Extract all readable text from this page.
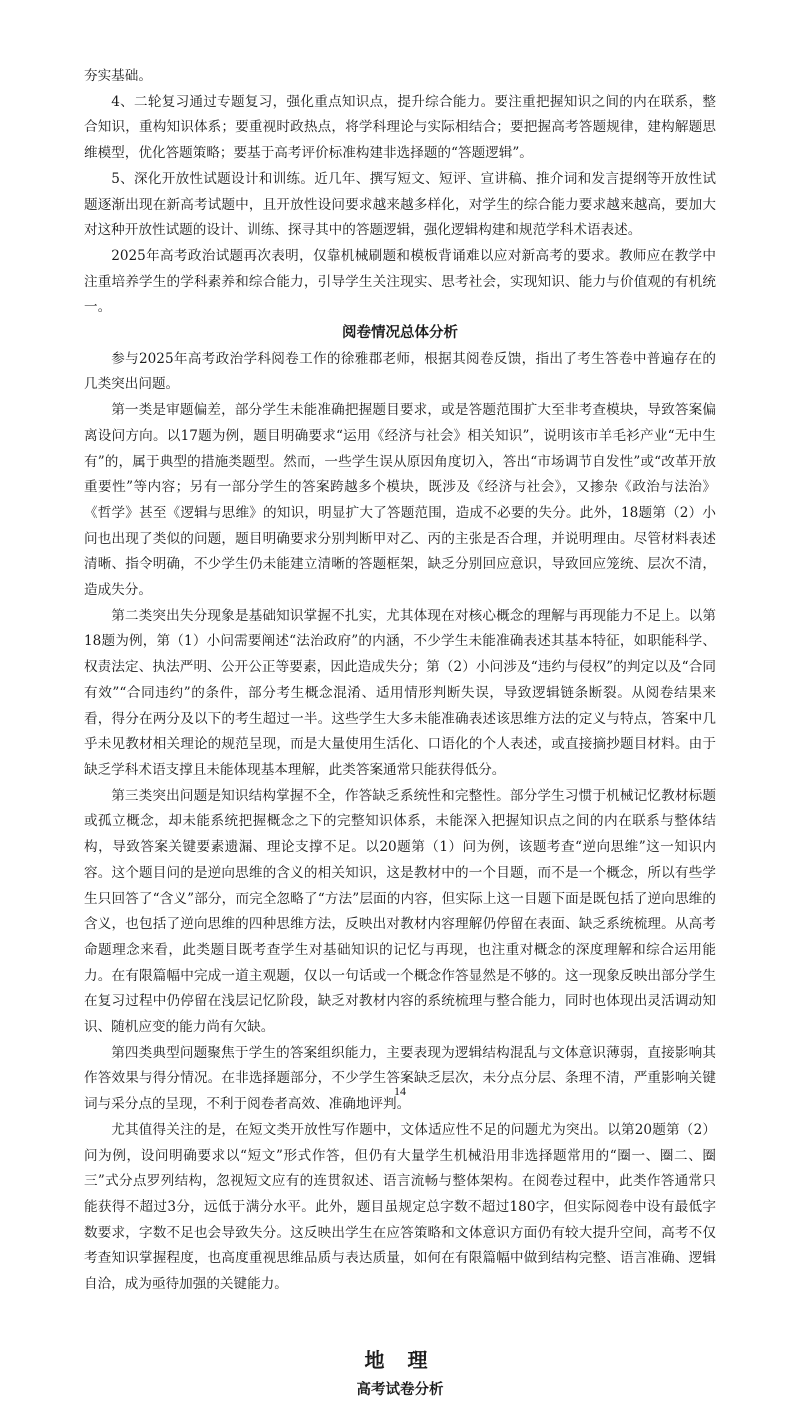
夯实基础。

4、二轮复习通过专题复习，强化重点知识点，提升综合能力。要注重把握知识之间的内在联系，整合知识，重构知识体系；要重视时政热点，将学科理论与实际相结合；要把握高考答题规律，建构解题思维模型，优化答题策略；要基于高考评价标准构建非选择题的“答题逻辑”。

5、深化开放性试题设计和训练。近几年、撰写短文、短评、宣讲稿、推介词和发言提纲等开放性试题逐渐出现在新高考试题中，且开放性设问要求越来越多样化，对学生的综合能力要求越来越高，要加大对这种开放性试题的设计、训练、探寻其中的答题逻辑，强化逻辑构建和规范学科术语表述。

2025年高考政治试题再次表明，仅靠机械刷题和模板背诵难以应对新高考的要求。教师应在教学中注重培养学生的学科素养和综合能力，引导学生关注现实、思考社会，实现知识、能力与价值观的有机统一。

阅卷情况总体分析

参与2025年高考政治学科阅卷工作的徐雅郡老师，根据其阅卷反馈，指出了考生答卷中普遍存在的几类突出问题。

第一类是审题偏差，部分学生未能准确把握题目要求，或是答题范围扩大至非考查模块，导致答案偏离设问方向。以17题为例，题目明确要求“运用《经济与社会》相关知识”，说明该市羊毛衫产业“无中生有”的，属于典型的措施类题型。然而，一些学生误从原因角度切入，答出“市场调节自发性”或“改革开放重要性”等内容；另有一部分学生的答案跨越多个模块，既涉及《经济与社会》，又掺杂《政治与法治》《哲学》甚至《逻辑与思维》的知识，明显扩大了答题范围，造成不必要的失分。此外，18题第（2）小问也出现了类似的问题，题目明确要求分别判断甲对乙、丙的主张是否合理，并说明理由。尽管材料表述清晰、指令明确，不少学生仍未能建立清晰的答题框架，缺乏分别回应意识，导致回应笼统、层次不清，造成失分。

第二类突出失分现象是基础知识掌握不扎实，尤其体现在对核心概念的理解与再现能力不足上。以第18题为例，第（1）小问需要阐述“法治政府”的内涵，不少学生未能准确表述其基本特征，如职能科学、权责法定、执法严明、公开公正等要素，因此造成失分；第（2）小问涉及“违约与侵权”的判定以及“合同有效”“合同违约”的条件，部分考生概念混淆、适用情形判断失误，导致逻辑链条断裂。从阅卷结果来看，得分在两分及以下的考生超过一半。这些学生大多未能准确表述该思维方法的定义与特点，答案中几乎未见教材相关理论的规范呈现，而是大量使用生活化、口语化的个人表述，或直接摘抄题目材料。由于缺乏学科术语支撑且未能体现基本理解，此类答案通常只能获得低分。

第三类突出问题是知识结构掌握不全，作答缺乏系统性和完整性。部分学生习惯于机械记忆教材标题或孤立概念，却未能系统把握概念之下的完整知识体系，未能深入把握知识点之间的内在联系与整体结构，导致答案关键要素遗漏、理论支撑不足。以20题第（1）问为例，该题考查“逆向思维”这一知识内容。这个题目问的是逆向思维的含义的相关知识，这是教材中的一个目题，而不是一个概念，所以有些学生只回答了“含义”部分，而完全忽略了“方法”层面的内容，但实际上这一目题下面是既包括了逆向思维的含义，也包括了逆向思维的四种思维方法，反映出对教材内容理解仍停留在表面、缺乏系统梳理。从高考命题理念来看，此类题目既考查学生对基础知识的记忆与再现，也注重对概念的深度理解和综合运用能力。在有限篇幅中完成一道主观题，仅以一句话或一个概念作答显然是不够的。这一现象反映出部分学生在复习过程中仍停留在浅层记忆阶段，缺乏对教材内容的系统梳理与整合能力，同时也体现出灵活调动知识、随机应变的能力尚有欠缺。

第四类典型问题聚焦于学生的答案组织能力，主要表现为逻辑结构混乱与文体意识薄弱，直接影响其作答效果与得分情况。在非选择题部分，不少学生答案缺乏层次，未分点分层、条理不清，严重影响关键词与采分点的呈现，不利于阅卷者高效、准确地评判。

尤其值得关注的是，在短文类开放性写作题中，文体适应性不足的问题尤为突出。以第20题第（2）问为例，设问明确要求以“短文”形式作答，但仍有大量学生机械沿用非选择题常用的“圈一、圈二、圈三”式分点罗列结构，忽视短文应有的连贯叙述、语言流畅与整体架构。在阅卷过程中，此类作答通常只能获得不超过3分，远低于满分水平。此外，题目虽规定总字数不超过180字，但实际阅卷中设有最低字数要求，字数不足也会导致失分。这反映出学生在应答策略和文体意识方面仍有较大提升空间，高考不仅考查知识掌握程度，也高度重视思维品质与表达质量，如何在有限篇幅中做到结构完整、语言准确、逻辑自洽，成为亟待加强的关键能力。

地 理
高考试卷分析
14
